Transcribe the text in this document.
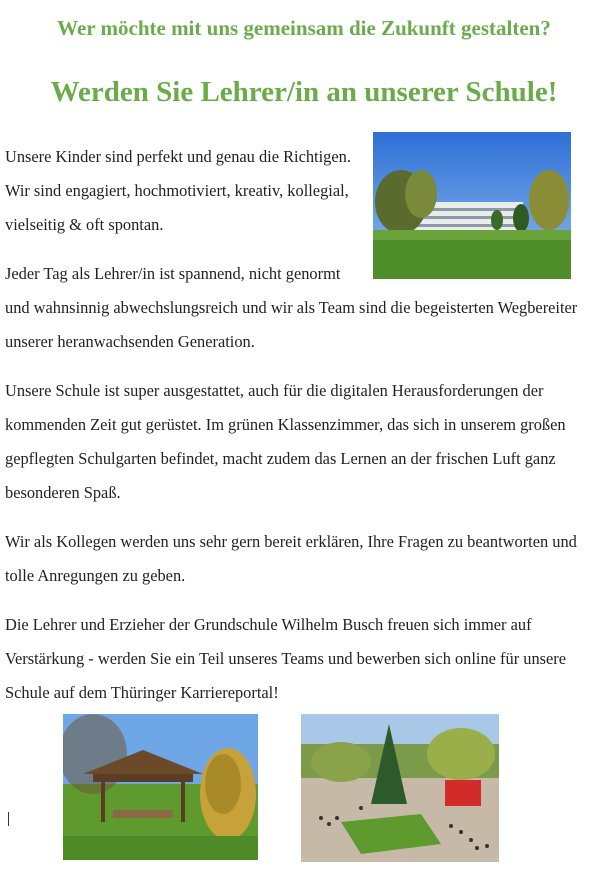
Wer möchte mit uns gemeinsam die Zukunft gestalten?
Werden Sie Lehrer/in an unserer Schule!

Unsere Kinder sind perfekt und genau die Richtigen. Wir sind engagiert, hochmotiviert, kreativ, kollegial, vielseitig & oft spontan.

Jeder Tag als Lehrer/in ist spannend, nicht genormt und wahnsinnig abwechslungsreich und wir als Team sind die begeisterten Wegbereiter unserer heranwachsenden Generation.

Unsere Schule ist super ausgestattet, auch für die digitalen Herausforderungen der kommenden Zeit gut gerüstet. Im grünen Klassenzimmer, das sich in unserem großen gepflegten Schulgarten befindet, macht zudem das Lernen an der frischen Luft ganz besonderen Spaß.

Wir als Kollegen werden uns sehr gern bereit erklären, Ihre Fragen zu beantworten und tolle Anregungen zu geben.

Die Lehrer und Erzieher der Grundschule Wilhelm Busch freuen sich immer auf Verstärkung - werden Sie ein Teil unseres Teams und bewerben sich online für unsere Schule auf dem Thüringer Karriereportal!
